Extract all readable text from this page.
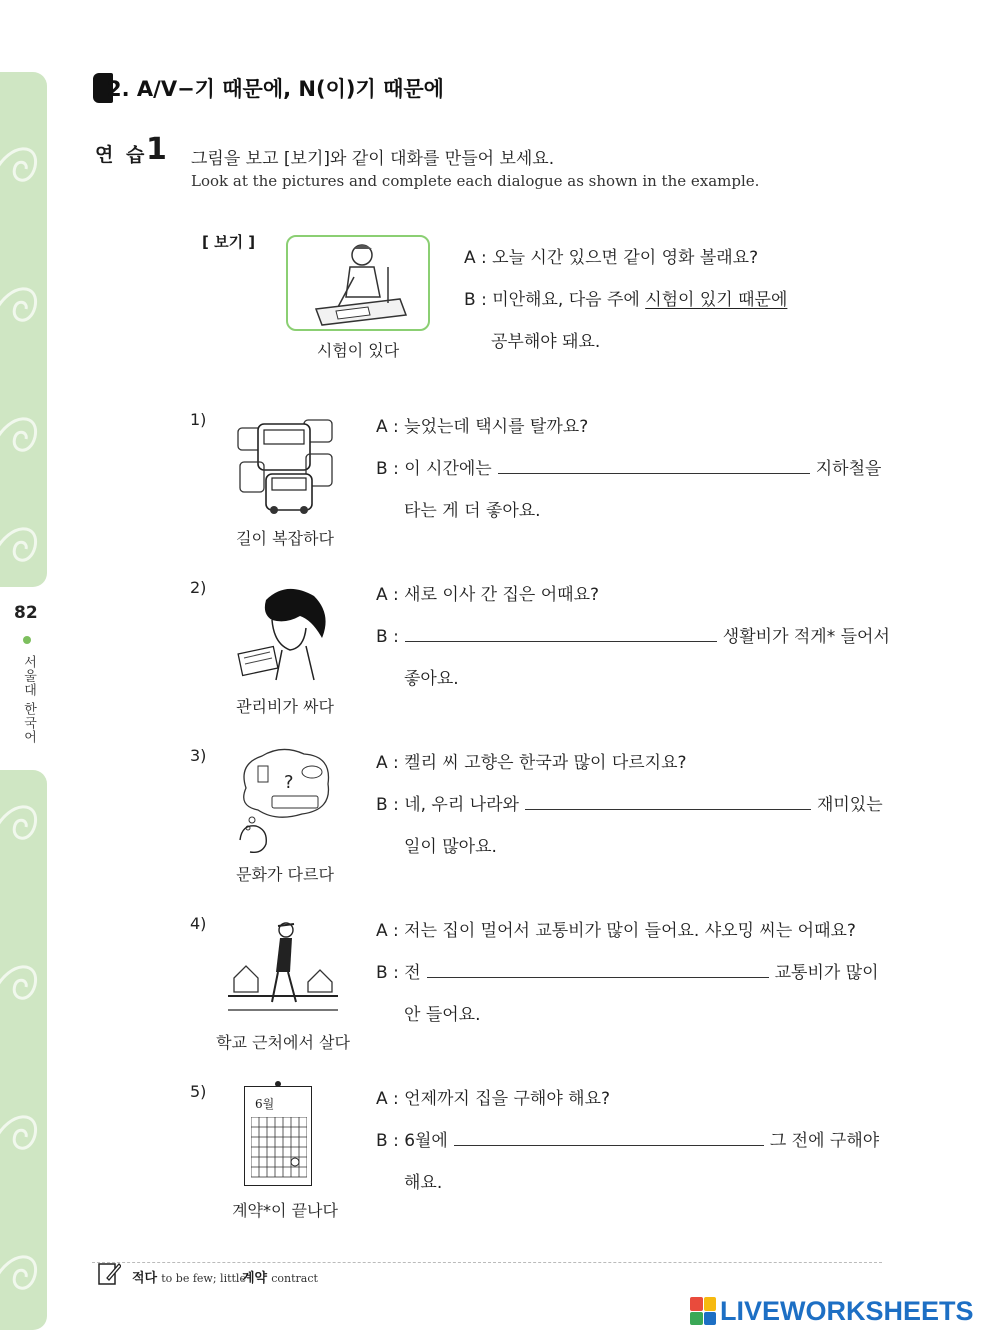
82
서울대 한국어
2. A/V−기 때문에, N(이)기 때문에
연 습
1 그림을 보고 [보기]와 같이 대화를 만들어 보세요.
Look at the pictures and complete each dialogue as shown in the example.
[ 보기 ]
시험이 있다
A : 오늘 시간 있으면 같이 영화 볼래요?
B : 미안해요, 다음 주에 시험이 있기 때문에
공부해야 돼요.
1)
길이 복잡하다
A : 늦었는데 택시를 탈까요?
B : 이 시간에는	지하철을
타는 게 더 좋아요.
2)
관리비가 싸다
A : 새로 이사 간 집은 어때요?
B :	생활비가 적게* 들어서
좋아요.
3)
?
문화가 다르다
A : 켈리 씨 고향은 한국과 많이 다르지요?
B : 네, 우리 나라와	재미있는
일이 많아요.
4)
학교 근처에서 살다
A : 저는 집이 멀어서 교통비가 많이 들어요. 샤오밍 씨는 어때요?
B : 전	교통비가 많이
안 들어요.
5)
6월
계약*이 끝나다
A : 언제까지 집을 구해야 해요?
B : 6월에	그 전에 구해야
해요.
적다 to be few; little
계약 contract
LIVEWORKSHEETS
